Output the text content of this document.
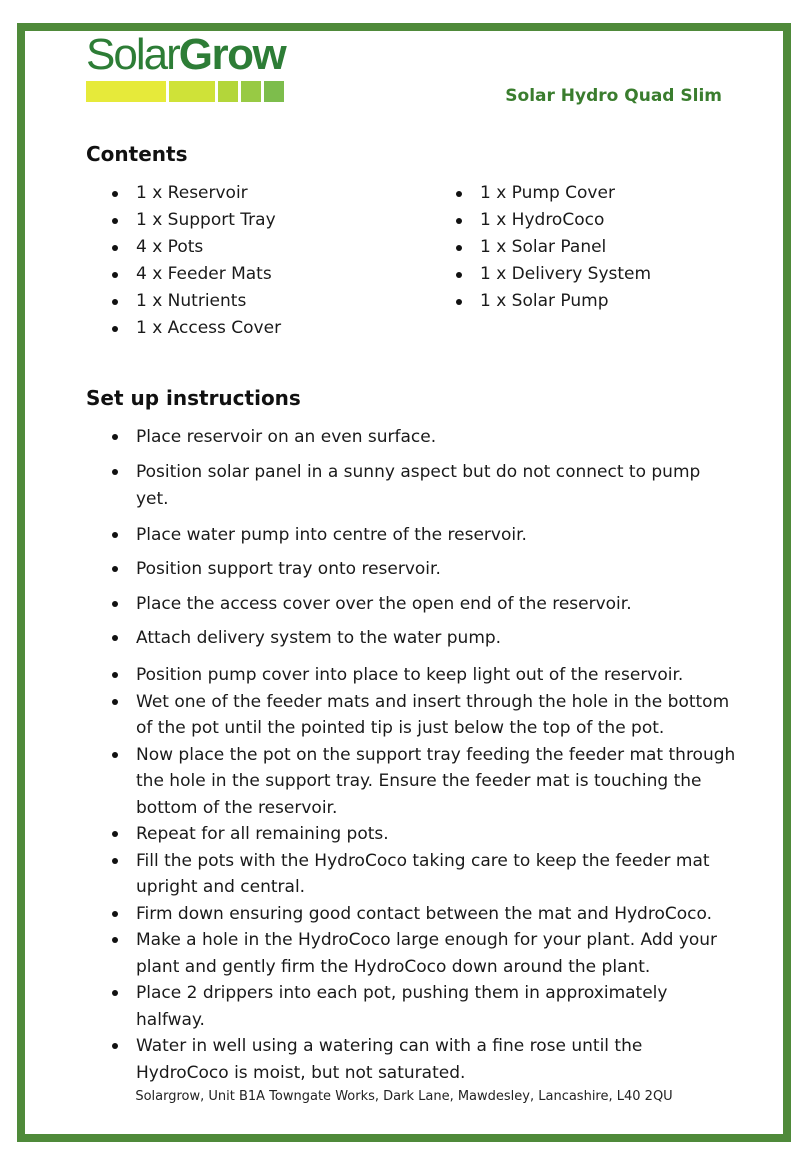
SolarGrow
Solar Hydro Quad Slim
Contents
1 x Reservoir
1 x Support Tray
4 x Pots
4 x Feeder Mats
1 x Nutrients
1 x Access Cover
1 x Pump Cover
1 x HydroCoco
1 x Solar Panel
1 x Delivery System
1 x Solar Pump
Set up instructions
Place reservoir on an even surface.
Position solar panel in a sunny aspect but do not connect to pump yet.
Place water pump into centre of the reservoir.
Position support tray onto reservoir.
Place the access cover over the open end of the reservoir.
Attach delivery system to the water pump.
Position pump cover into place to keep light out of the reservoir.
Wet one of the feeder mats and insert through the hole in the bottom of the pot until the pointed tip is just below the top of the pot.
Now place the pot on the support tray feeding the feeder mat through the hole in the support tray. Ensure the feeder mat is touching the bottom of the reservoir.
Repeat for all remaining pots.
Fill the pots with the HydroCoco taking care to keep the feeder mat upright and central.
Firm down ensuring good contact between the mat and HydroCoco.
Make a hole in the HydroCoco large enough for your plant. Add your plant and gently firm the HydroCoco down around the plant.
Place 2 drippers into each pot, pushing them in approximately halfway.
Water in well using a watering can with a fine rose until the HydroCoco is moist, but not saturated.
Solargrow, Unit B1A Towngate Works, Dark Lane, Mawdesley, Lancashire, L40 2QU
